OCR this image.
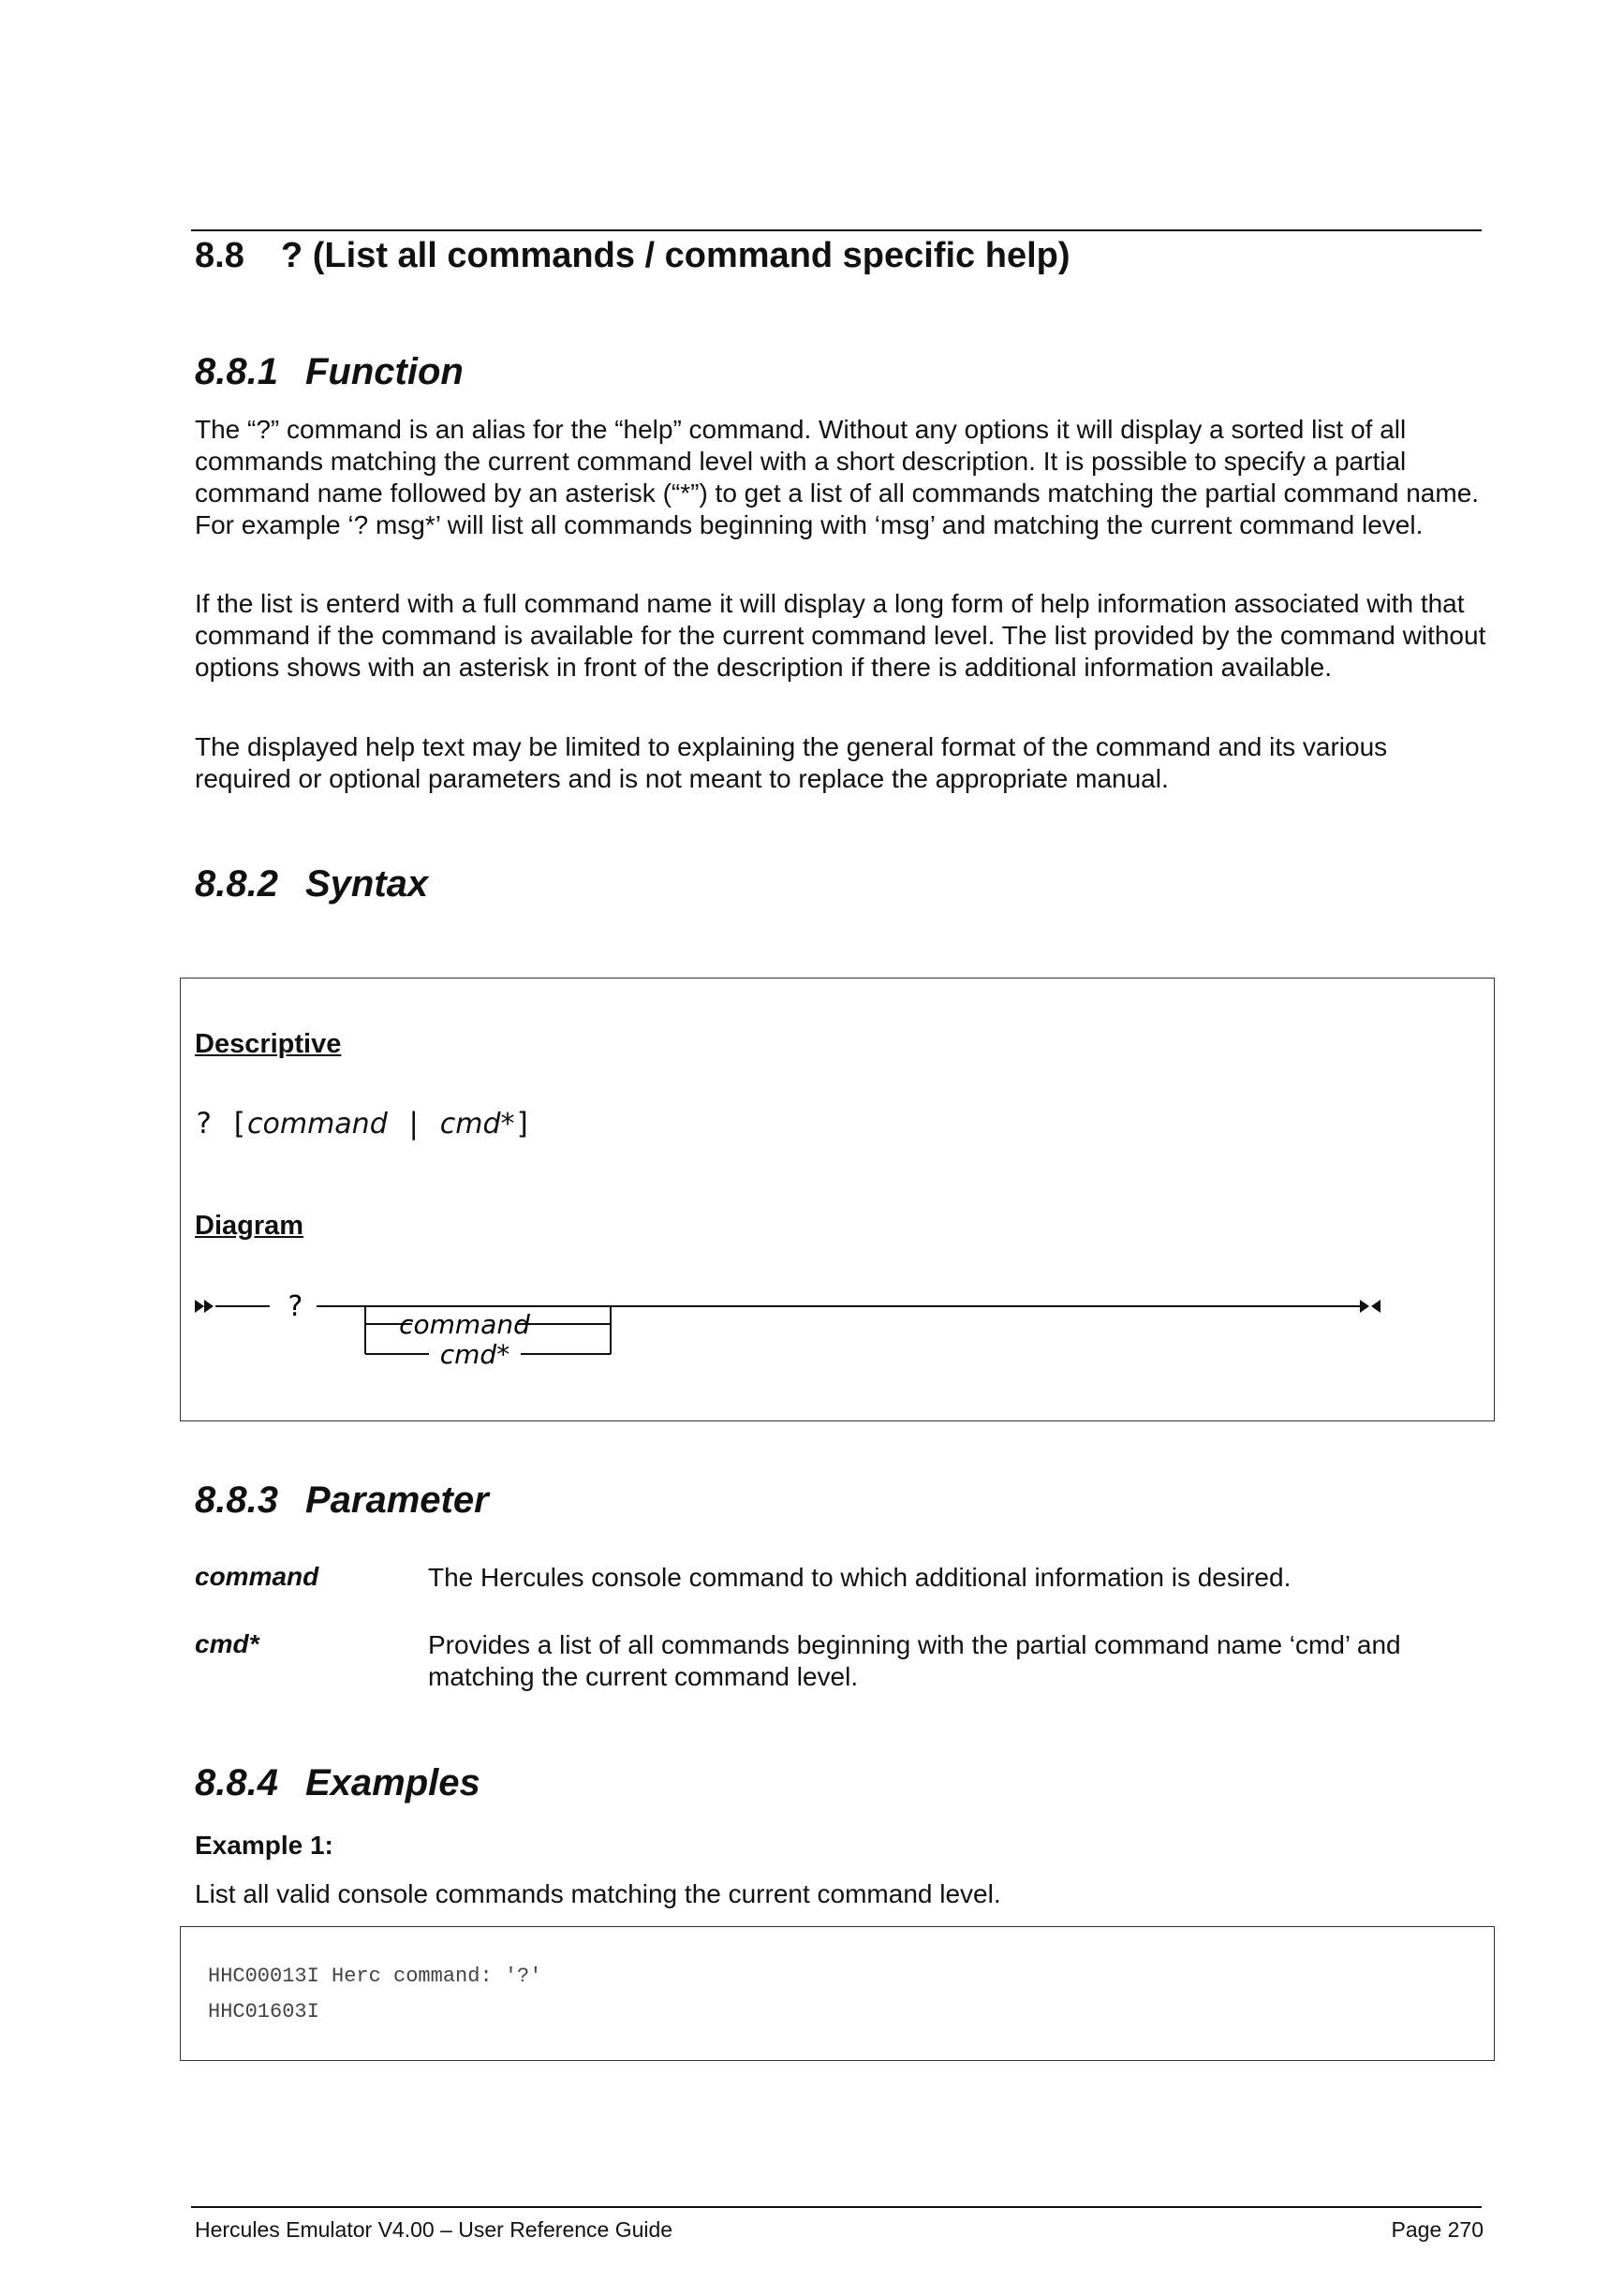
8.8 ? (List all commands / command specific help)
8.8.1 Function

The “?” command is an alias for the “help” command. Without any options it will display a sorted list of all commands matching the current command level with a short description. It is possible to specify a partial command name followed by an asterisk (“*”) to get a list of all commands matching the partial command name. For example ‘? msg*’ will list all commands beginning with ‘msg’ and matching the current command level.

If the list is enterd with a full command name it will display a long form of help information associated with that command if the command is available for the current command level. The list provided by the command without options shows with an asterisk in front of the description if there is additional information available.

The displayed help text may be limited to explaining the general format of the command and its various required or optional parameters and is not meant to replace the appropriate manual.

8.8.2 Syntax
Descriptive
? [command | cmd*]
Diagram
?
command
cmd*
8.8.3 Parameter
command	The Hercules console command to which additional information is desired.

cmd*	Provides a list of all commands beginning with the partial command name ‘cmd’ and matching the current command level.

8.8.4 Examples
Example 1:
List all valid console commands matching the current command level.
HHC00013I Herc command: '?'
HHC01603I
Hercules Emulator V4.00 – User Reference Guide	Page 270
